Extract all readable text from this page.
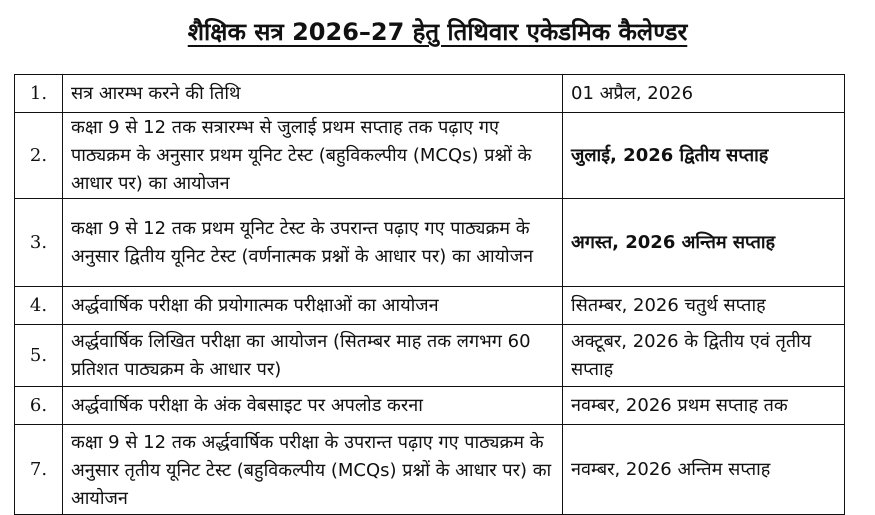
शैक्षिक सत्र 2026–27 हेतु तिथिवार एकेडमिक कैलेण्डर
1.	सत्र आरम्भ करने की तिथि	01 अप्रैल, 2026
2.	कक्षा 9 से 12 तक सत्रारम्भ से जुलाई प्रथम सप्ताह तक पढ़ाए गए पाठ्यक्रम के अनुसार प्रथम यूनिट टेस्ट (बहुविकल्पीय (MCQs) प्रश्नों के आधार पर) का आयोजन	जुलाई, 2026 द्वितीय सप्ताह
3.	कक्षा 9 से 12 तक प्रथम यूनिट टेस्ट के उपरान्त पढ़ाए गए पाठ्यक्रम के अनुसार द्वितीय यूनिट टेस्ट (वर्णनात्मक प्रश्नों के आधार पर) का आयोजन	अगस्त, 2026 अन्तिम सप्ताह
4.	अर्द्धवार्षिक परीक्षा की प्रयोगात्मक परीक्षाओं का आयोजन	सितम्बर, 2026 चतुर्थ सप्ताह
5.	अर्द्धवार्षिक लिखित परीक्षा का आयोजन (सितम्बर माह तक लगभग 60 प्रतिशत पाठ्यक्रम के आधार पर)	अक्टूबर, 2026 के द्वितीय एवं तृतीय सप्ताह
6.	अर्द्धवार्षिक परीक्षा के अंक वेबसाइट पर अपलोड करना	नवम्बर, 2026 प्रथम सप्ताह तक
7.	कक्षा 9 से 12 तक अर्द्धवार्षिक परीक्षा के उपरान्त पढ़ाए गए पाठ्यक्रम के अनुसार तृतीय यूनिट टेस्ट (बहुविकल्पीय (MCQs) प्रश्नों के आधार पर) का आयोजन	नवम्बर, 2026 अन्तिम सप्ताह
